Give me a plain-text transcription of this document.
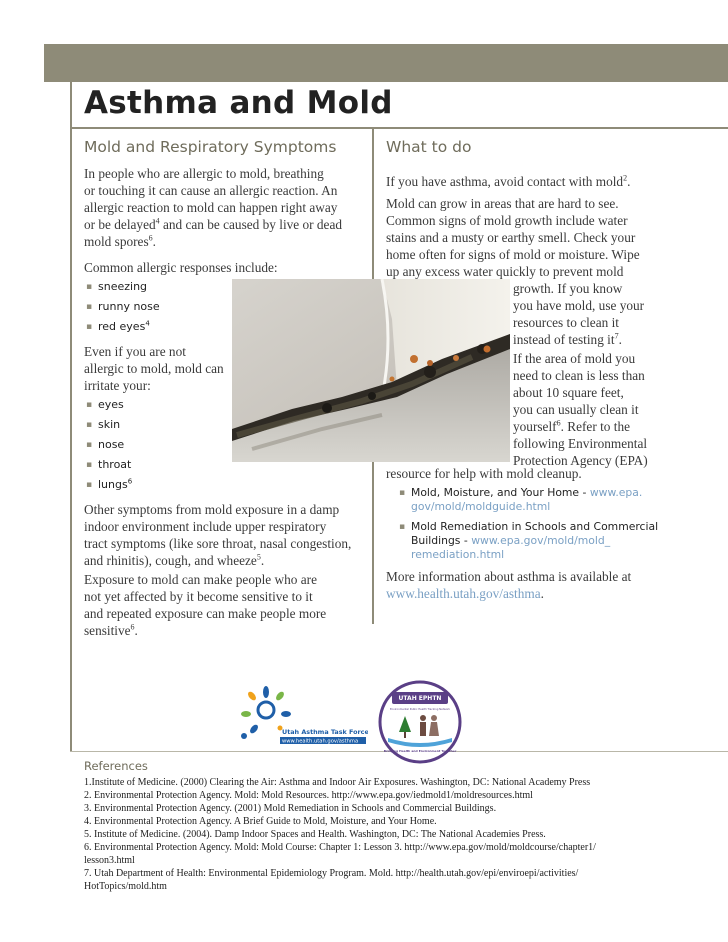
Asthma and Mold
Mold and Respiratory Symptoms	What to do
In people who are allergic to mold, breathing
or touching it can cause an allergic reaction. An
allergic reaction to mold can happen right away
or be delayed$^4$ and can be caused by live or dead
mold spores$^6$.
Common allergic responses include:
▪ sneezing
▪ runny nose
▪ red eyes$^4$
Even if you are not
allergic to mold, mold can
irritate your:
▪ eyes
▪ skin
▪ nose
▪ throat
▪ lungs$^6$
Other symptoms from mold exposure in a damp
indoor environment include upper respiratory
tract symptoms (like sore throat, nasal congestion,
and rhinitis), cough, and wheeze$^5$.
Exposure to mold can make people who are
not yet affected by it become sensitive to it
and repeated exposure can make people more
sensitive$^6$.
If you have asthma, avoid contact with mold$^2$.
Mold can grow in areas that are hard to see.
Common signs of mold growth include water
stains and a musty or earthy smell. Check your
home often for signs of mold or moisture. Wipe
up any excess water quickly to prevent mold
growth. If you know
you have mold, use your
resources to clean it
instead of testing $it^7$.
If the area of mold you
need to clean is less than
about 10 square feet,
you can usually clean it
yourself$^6$. Refer to the
following Environmental
Protection Agency (EPA)
resource for help with mold cleanup.
▪ Mold, Moisture, and Your Home - www.epa.
gov/mold/moldguide.html
▪ Mold Remediation in Schools and Commercial Buildings - www.epa.gov/mold/mold_
remediation.html
More information about asthma is available at
www.health.utah.gov/asthma.
Utah Asthma Task Force
www.health.utah.gov/asthma
UTAH EPHTN
Environmental Public Health Tracking Network
Bringing Health and Environment Together
References
1.Institute of Medicine. (2000) Clearing the Air: Asthma and Indoor Air Exposures. Washington, DC: National Academy Press
2. Environmental Protection Agency. Mold: Mold Resources. http://www.epa.gov/iedmold1/moldresources.html
3. Environmental Protection Agency. (2001) Mold Remediation in Schools and Commercial Buildings.
4. Environmental Protection Agency. A Brief Guide to Mold, Moisture, and Your Home.
5. Institute of Medicine. (2004). Damp Indoor Spaces and Health. Washington, DC: The National Academies Press.
6. Environmental Protection Agency. Mold: Mold Course: Chapter 1: Lesson 3. http://www.epa.gov/mold/moldcourse/chapter1/
lesson3.html
7. Utah Department of Health: Environmental Epidemiology Program. Mold. http://health.utah.gov/epi/enviroepi/activities/
HotTopics/mold.htm
